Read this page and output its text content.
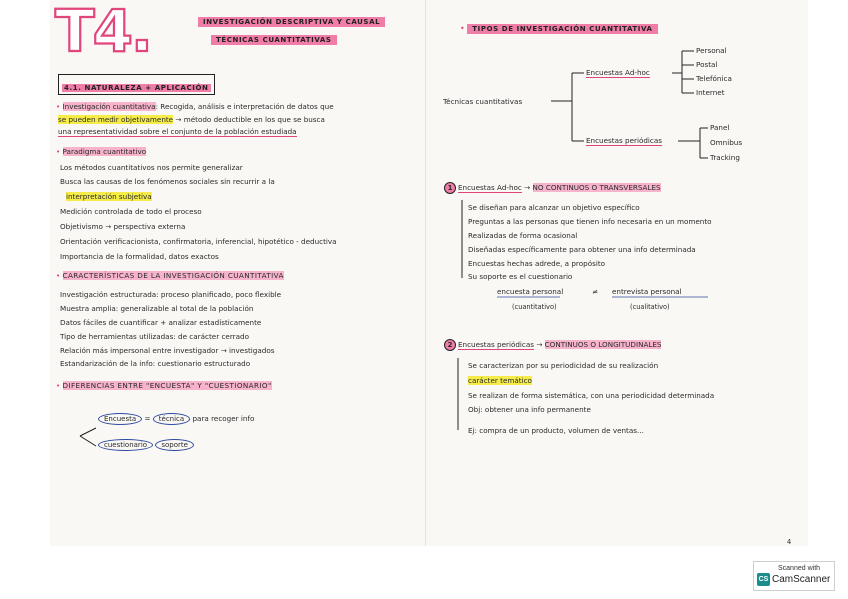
T4.	INVESTIGACIÓN DESCRIPTIVA Y CAUSAL
TÉCNICAS CUANTITATIVAS
4.1. NATURALEZA + APLICACIÓN
• Investigación cuantitativa: Recogida, análisis e interpretación de datos que
se pueden medir objetivamente → método deductible en los que se busca
una representatividad sobre el conjunto de la población estudiada
• Paradigma cuantitativo
Los métodos cuantitativos nos permite generalizar
Busca las causas de los fenómenos sociales sin recurrir a la
interpretación subjetiva
Medición controlada de todo el proceso
Objetivismo → perspectiva externa
Orientación verificacionista, confirmatoria, inferencial, hipotético - deductiva
Importancia de la formalidad, datos exactos
• CARACTERÍSTICAS DE LA INVESTIGACIÓN CUANTITATIVA
Investigación estructurada: proceso planificado, poco flexible
Muestra amplia: generalizable al total de la población
Datos fáciles de cuantificar + analizar estadísticamente
Tipo de herramientas utilizadas: de carácter cerrado
Relación más impersonal entre investigador → investigados
Estandarización de la info: cuestionario estructurado
• DIFERENCIAS ENTRE "ENCUESTA" Y "CUESTIONARIO"
Encuesta = técnica para recoger info
cuestionario soporte
• TIPOS DE INVESTIGACIÓN CUANTITATIVA
Técnicas cuantitativas
Encuestas Ad-hoc
Personal
Postal
Telefónica
Internet
Encuestas periódicas
Panel
Omnibus
Tracking
1 Encuestas Ad-hoc → NO CONTINUOS O TRANSVERSALES
Se diseñan para alcanzar un objetivo específico
Preguntas a las personas que tienen info necesaria en un momento
Realizadas de forma ocasional
Diseñadas específicamente para obtener una info determinada
Encuestas hechas adrede, a propósito
Su soporte es el cuestionario
encuesta personal	≠ entrevista personal
(cuantitativo)	(cualitativo)
2 Encuestas periódicas → CONTINUOS O LONGITUDINALES
Se caracterizan por su periodicidad de su realización
carácter temático
Se realizan de forma sistemática, con una periodicidad determinada
Obj: obtener una info permanente
Ej: compra de un producto, volumen de ventas...
4
Scanned with
CS CamScanner
